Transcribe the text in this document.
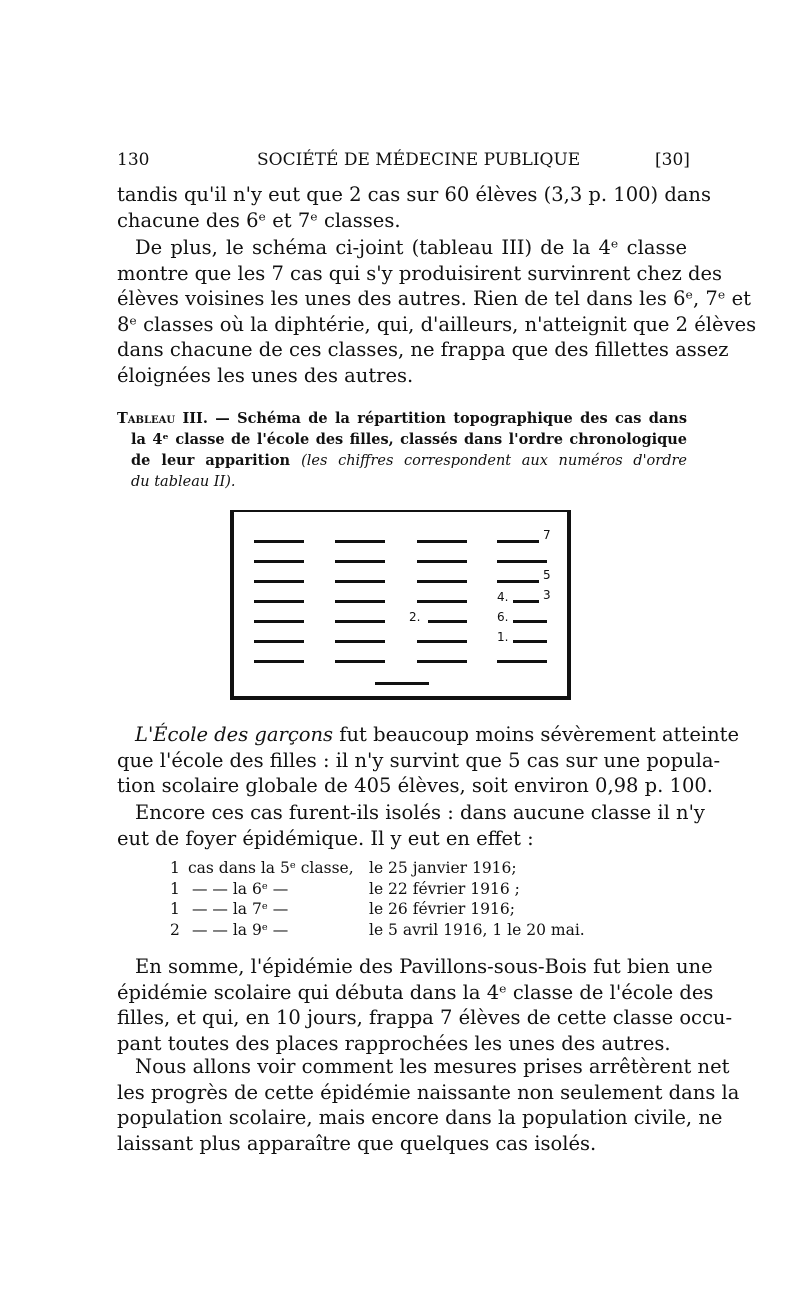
130	SOCIÉTÉ DE MÉDECINE PUBLIQUE	[30]
tandis qu'il n'y eut que 2 cas sur 60 élèves (3,3 p. 100) dans
chacune des 6ᵉ et 7ᵉ classes.
De plus, le schéma ci-joint (tableau III) de la 4ᵉ classe
montre que les 7 cas qui s'y produisirent survinrent chez des
élèves voisines les unes des autres. Rien de tel dans les 6ᵉ, 7ᵉ et
8ᵉ classes où la diphtérie, qui, d'ailleurs, n'atteignit que 2 élèves
dans chacune de ces classes, ne frappa que des fillettes assez
éloignées les unes des autres.
Tableau III. — Schéma de la répartition topographique des cas dans
la 4ᵉ classe de l'école des filles, classés dans l'ordre chronologique
de leur apparition (les chiffres correspondent aux numéros d'ordre
du tableau II).
2.
7
5
4.	3
6.
1.
L'École des garçons fut beaucoup moins sévèrement atteinte
que l'école des filles : il n'y survint que 5 cas sur une popula-
tion scolaire globale de 405 élèves, soit environ 0,98 p. 100.
Encore ces cas furent-ils isolés : dans aucune classe il n'y
eut de foyer épidémique. Il y eut en effet :
1 cas dans la 5ᵉ classe, le 25 janvier 1916;
1 — — la 6ᵉ —	le 22 février 1916 ;
1 — — la 7ᵉ —	le 26 février 1916;
2 — — la 9ᵉ —	le 5 avril 1916, 1 le 20 mai.
En somme, l'épidémie des Pavillons-sous-Bois fut bien une
épidémie scolaire qui débuta dans la 4ᵉ classe de l'école des
filles, et qui, en 10 jours, frappa 7 élèves de cette classe occu-
pant toutes des places rapprochées les unes des autres.
Nous allons voir comment les mesures prises arrêtèrent net
les progrès de cette épidémie naissante non seulement dans la
population scolaire, mais encore dans la population civile, ne
laissant plus apparaître que quelques cas isolés.
